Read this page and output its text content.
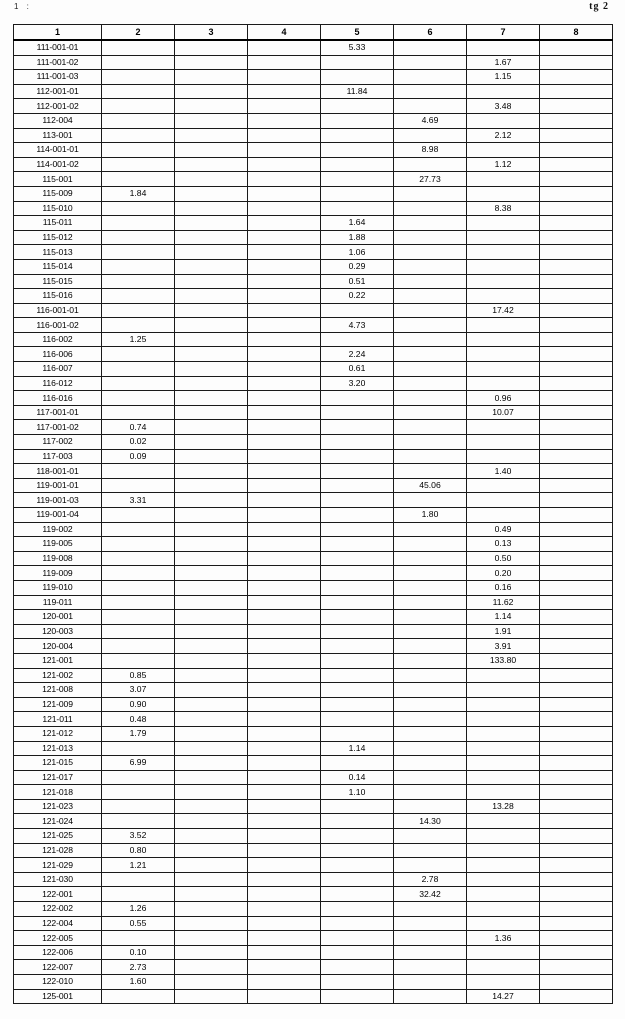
1 :	tg 2
1	2	3	4	5	6	7	8
111-001-01				5.33			
111-001-02						1.67	
111-001-03						1.15	
112-001-01				11.84			
112-001-02						3.48	
112-004					4.69		
113-001						2.12	
114-001-01					8.98		
114-001-02						1.12	
115-001					27.73		
115-009	1.84						
115-010						8.38	
115-011				1.64			
115-012				1.88			
115-013				1.06			
115-014				0.29			
115-015				0.51			
115-016				0.22			
116-001-01						17.42	
116-001-02				4.73			
116-002	1.25						
116-006				2.24			
116-007				0.61			
116-012				3.20			
116-016						0.96	
117-001-01						10.07	
117-001-02	0.74						
117-002	0.02						
117-003	0.09						
118-001-01						1.40	
119-001-01					45.06		
119-001-03	3.31						
119-001-04					1.80		
119-002						0.49	
119-005						0.13	
119-008						0.50	
119-009						0.20	
119-010						0.16	
119-011						11.62	
120-001						1.14	
120-003						1.91	
120-004						3.91	
121-001						133.80	
121-002	0.85						
121-008	3.07						
121-009	0.90						
121-011	0.48						
121-012	1.79						
121-013				1.14			
121-015	6.99						
121-017				0.14			
121-018				1.10			
121-023						13.28	
121-024					14.30		
121-025	3.52						
121-028	0.80						
121-029	1.21						
121-030					2.78		
122-001					32.42		
122-002	1.26						
122-004	0.55						
122-005						1.36	
122-006	0.10						
122-007	2.73						
122-010	1.60						
125-001						14.27	
